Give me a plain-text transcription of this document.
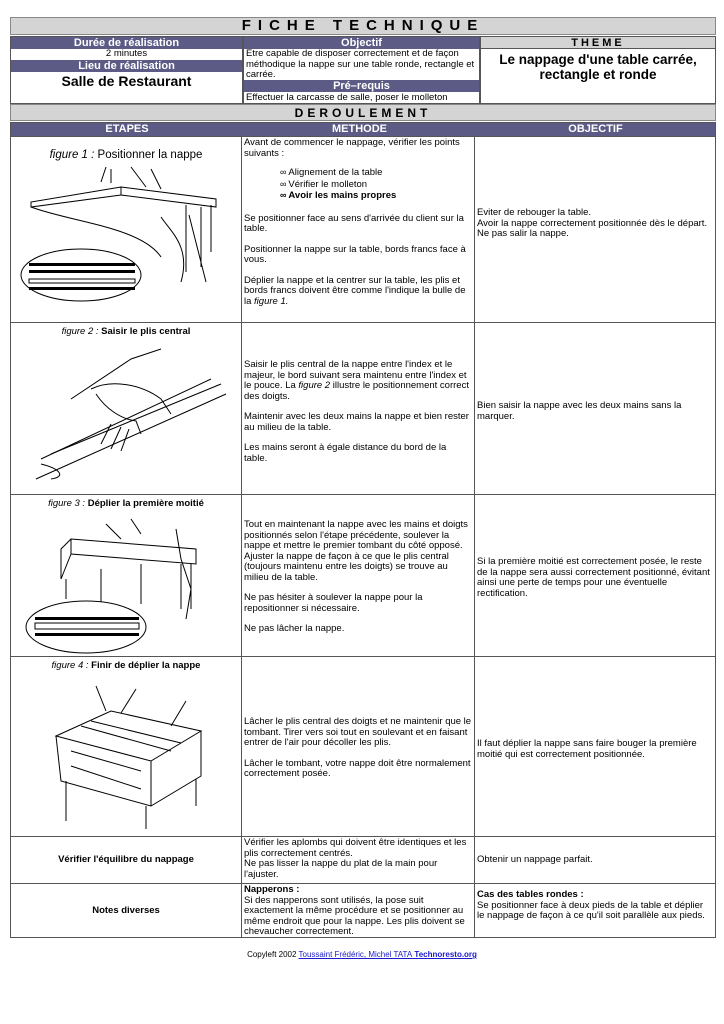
FICHE TECHNIQUE
Durée de réalisation
2 minutes
Lieu de réalisation
Salle de Restaurant
Objectif
Etre capable de disposer correctement et de façon méthodique la nappe sur une table ronde, rectangle et carrée.
Pré–requis
Effectuer la carcasse de salle, poser le molleton
THEME
Le nappage d'une table carrée, rectangle et ronde
DEROULEMENT
ETAPES	METHODE	OBJECTIF
figure 1 : Positionner la nappe

Avant de commencer le nappage, vérifier les points suivants :

∞ Alignement de la table
∞ Vérifier le molleton
∞ Avoir les mains propres

Se positionner face au sens d'arrivée du client sur la table.

Positionner la nappe sur la table, bords francs face à vous.

Déplier la nappe et la centrer sur la table, les plis et bords francs doivent être comme l'indique la bulle de la figure 1.

Eviter de rebouger la table.
Avoir la nappe correctement positionnée dès le départ.
Ne pas salir la nappe.
figure 2 : Saisir le plis central

Saisir le plis central de la nappe entre l'index et le majeur, le bord suivant sera maintenu entre l'index et le pouce. La figure 2 illustre le positionnement correct des doigts.

Maintenir avec les deux mains la nappe et bien rester au milieu de la table.

Les mains seront à égale distance du bord de la table.

Bien saisir la nappe avec les deux mains sans la marquer.
figure 3 : Déplier la première moitié

Tout en maintenant la nappe avec les mains et doigts positionnés selon l'étape précédente, soulever la nappe et mettre le premier tombant du côté opposé. Ajuster la nappe de façon à ce que le plis central (toujours maintenu entre les doigts) se trouve au milieu de la table.

Ne pas hésiter à soulever la nappe pour la repositionner si nécessaire.

Ne pas lâcher la nappe.

Si la première moitié est correctement posée, le reste de la nappe sera aussi correctement positionné, évitant ainsi une perte de temps pour une éventuelle rectification.
figure 4 : Finir de déplier la nappe

Lâcher le plis central des doigts et ne maintenir que le tombant. Tirer vers soi tout en soulevant et en faisant entrer de l'air pour décoller les plis.

Lâcher le tombant, votre nappe doit être normalement correctement posée.

Il faut déplier la nappe sans faire bouger la première moitié qui est correctement positionnée.
Vérifier l'équilibre du nappage
Vérifier les aplombs qui doivent être identiques et les plis correctement centrés.
Ne pas lisser la nappe du plat de la main pour l'ajuster.
Obtenir un nappage parfait.
Notes diverses
Napperons :
Si des napperons sont utilisés, la pose suit exactement la même procédure et se positionner au même endroit que pour la nappe. Les plis doivent se chevaucher correctement.
Cas des tables rondes :
Se positionner face à deux pieds de la table et déplier le nappage de façon à ce qu'il soit parallèle aux pieds.
Copyleft 2002 Toussaint Frédéric, Michel TATA Technoresto.org
